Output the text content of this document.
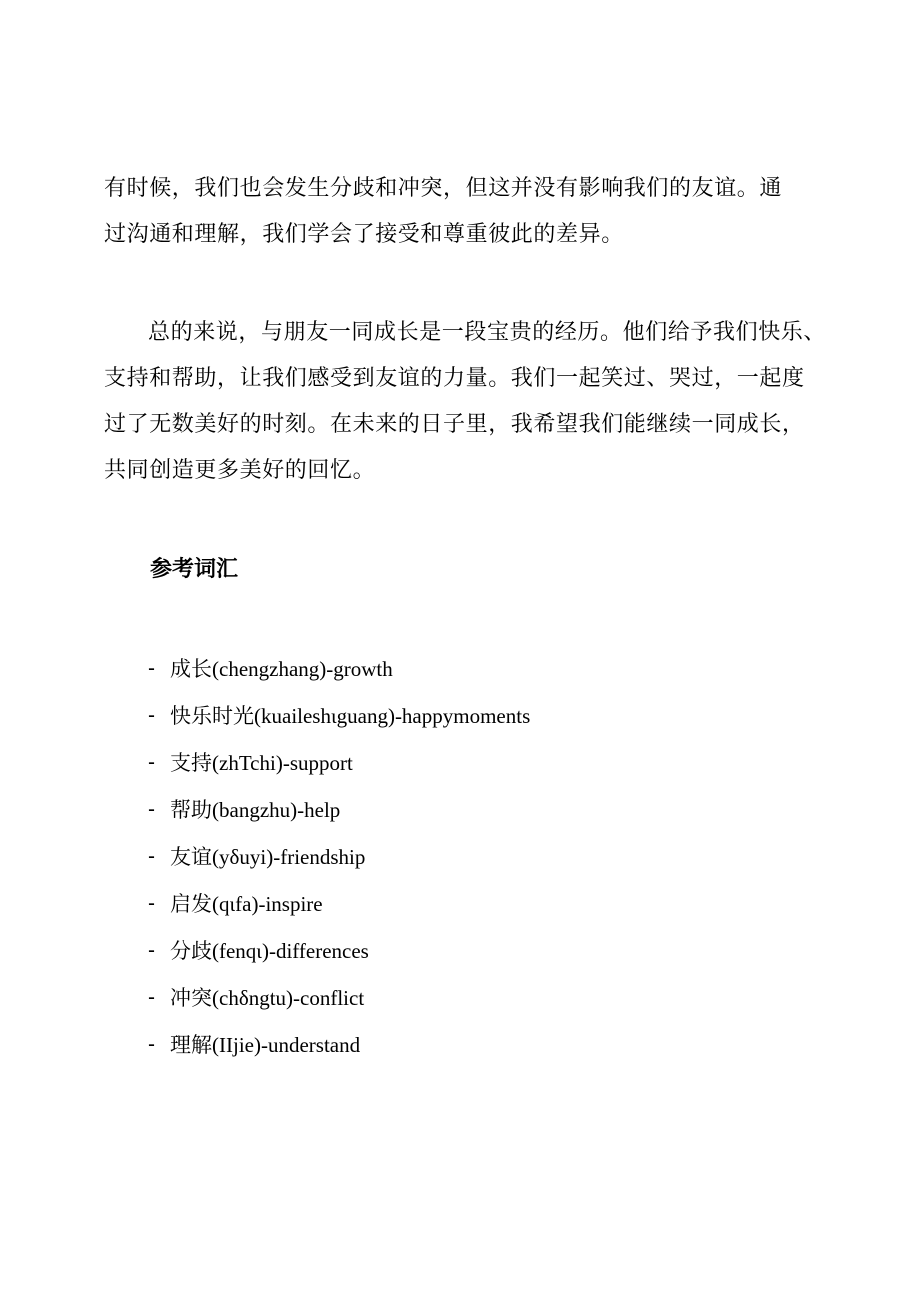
有时候，我们也会发生分歧和冲突，但这并没有影响我们的友谊。通
过沟通和理解，我们学会了接受和尊重彼此的差异。

总的来说，与朋友一同成长是一段宝贵的经历。他们给予我们快乐、
支持和帮助，让我们感受到友谊的力量。我们一起笑过、哭过，一起度
过了无数美好的时刻。在未来的日子里，我希望我们能继续一同成长，
共同创造更多美好的回忆。

参考词汇
- 成长 (chengzhang)-growth
- 快乐时光 (kuaileshιguang)-happymoments
- 支持 (zhTchi)-support
- 帮助 (bangzhu)-help
- 友谊 (yδuyi)-friendship
- 启发 (qιfa)-inspire
- 分歧 (fenqι)-differences
- 冲突 (chδngtu)-conflict
- 理解 (IIjie)-understand
